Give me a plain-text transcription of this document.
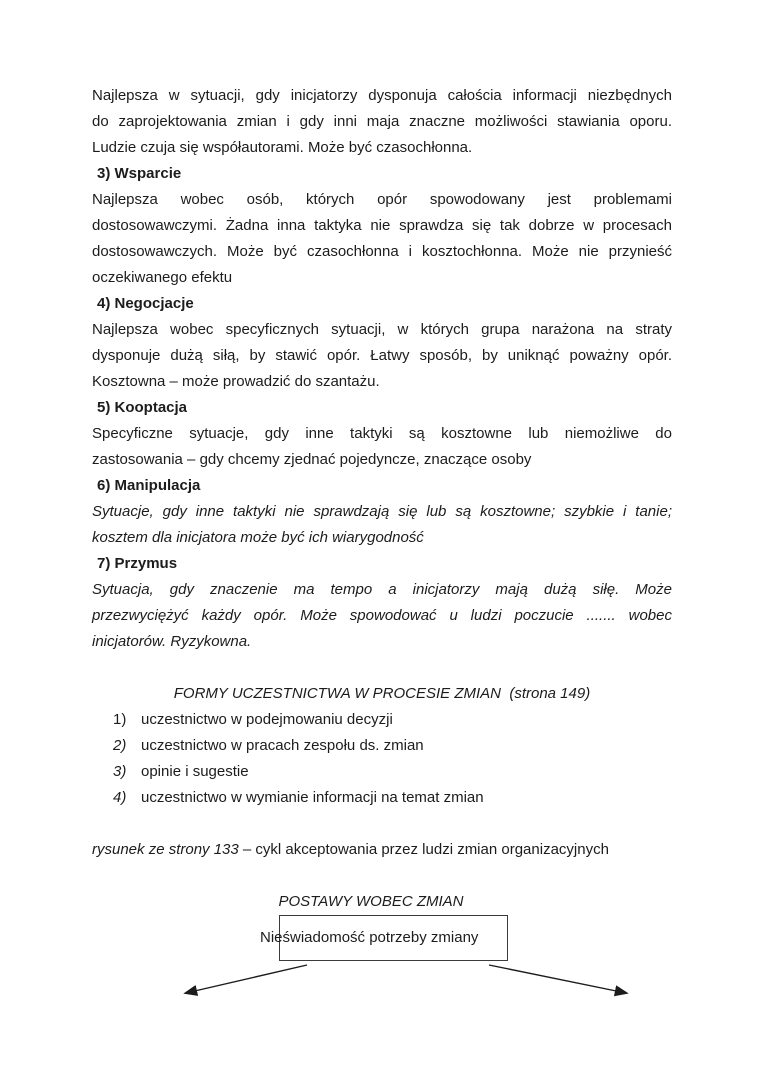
Najlepsza w sytuacji, gdy inicjatorzy dysponuja całościa informacji niezbędnych
do zaprojektowania zmian i gdy inni maja znaczne możliwości stawiania oporu.
Ludzie czuja się współautorami. Może być czasochłonna.
3) Wsparcie
Najlepsza wobec osób, których opór spowodowany jest problemami
dostosowawczymi. Żadna inna taktyka nie sprawdza się tak dobrze w procesach
dostosowawczych. Może być czasochłonna i kosztochłonna. Może nie przynieść
oczekiwanego efektu
4) Negocjacje
Najlepsza wobec specyficznych sytuacji, w których grupa narażona na straty
dysponuje dużą siłą, by stawić opór. Łatwy sposób, by uniknąć poważny opór.
Kosztowna – może prowadzić do szantażu.
5) Kooptacja
Specyficzne sytuacje, gdy inne taktyki są kosztowne lub niemożliwe do
zastosowania – gdy chcemy zjednać pojedyncze, znaczące osoby
6) Manipulacja
Sytuacje, gdy inne taktyki nie sprawdzają się lub są kosztowne; szybkie i tanie;
kosztem dla inicjatora może być ich wiarygodność
7) Przymus
Sytuacja, gdy znaczenie ma tempo a inicjatorzy mają dużą siłę. Może
przezwyciężyć każdy opór. Może spowodować u ludzi poczucie ....... wobec
inicjatorów. Ryzykowna.
FORMY UCZESTNICTWA W PROCESIE ZMIAN  (strona 149)
1) uczestnictwo w podejmowaniu decyzji
2) uczestnictwo w pracach zespołu ds. zmian
3) opinie i sugestie
4) uczestnictwo w wymianie informacji na temat zmian
rysunek ze strony 133 – cykl akceptowania przez ludzi zmian organizacyjnych
POSTAWY WOBEC ZMIAN
Nieświadomość potrzeby zmiany
